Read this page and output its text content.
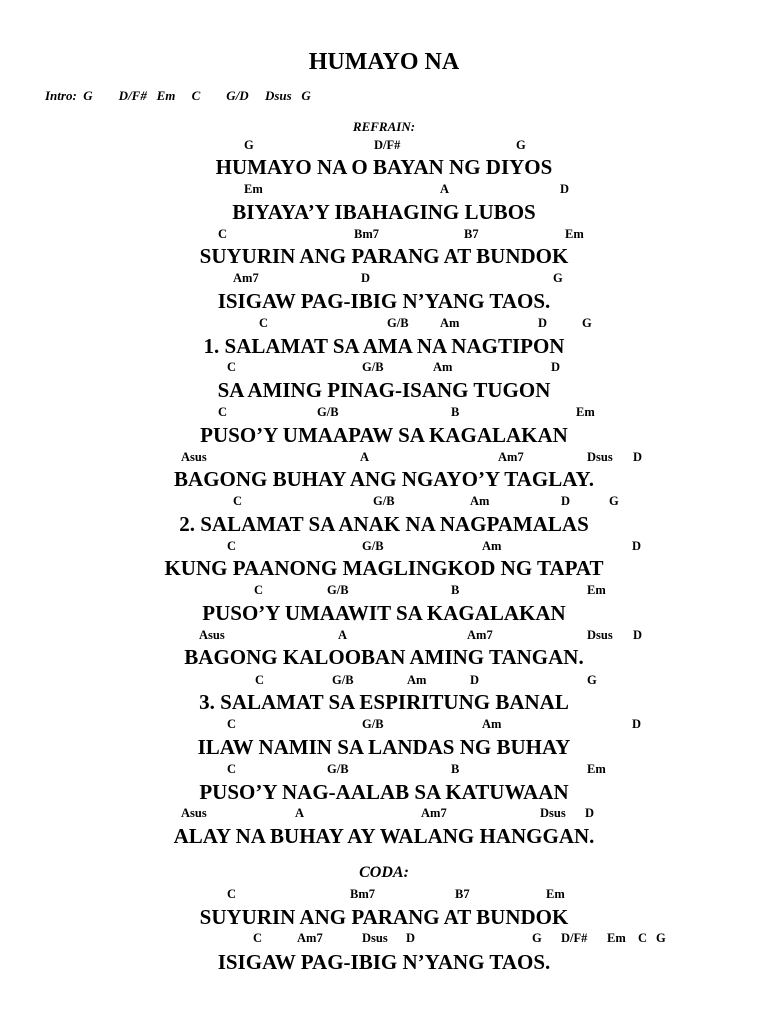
HUMAYO NA
Intro:  G        D/F#   Em     C        G/D     Dsus   G
REFRAIN:
CODA:
G	D/F#	G
HUMAYO NA O BAYAN NG DIYOS
Em	A	D
BIYAYA’Y IBAHAGING LUBOS
C	Bm7	B7	Em
SUYURIN ANG PARANG AT BUNDOK
Am7	D	G
ISIGAW PAG-IBIG N’YANG TAOS.
C	G/B	Am	D	G
1. SALAMAT SA AMA NA NAGTIPON
C	G/B	Am	D
SA AMING PINAG-ISANG TUGON
C	G/B	B	Em
PUSO’Y UMAAPAW SA KAGALAKAN
Asus	A	Am7	Dsus D
BAGONG BUHAY ANG NGAYO’Y TAGLAY.
C	G/B	Am	D	G
2. SALAMAT SA ANAK NA NAGPAMALAS
C	G/B	Am	D
KUNG PAANONG MAGLINGKOD NG TAPAT
C	G/B	B	Em
PUSO’Y UMAAWIT SA KAGALAKAN
Asus	A	Am7	Dsus D
BAGONG KALOOBAN AMING TANGAN.
C	G/B	Am	D	G
3. SALAMAT SA ESPIRITUNG BANAL
C	G/B	Am	D
ILAW NAMIN SA LANDAS NG BUHAY
C	G/B	B	Em
PUSO’Y NAG-AALAB SA KATUWAAN
Asus	A	Am7	Dsus D
ALAY NA BUHAY AY WALANG HANGGAN.
C	Bm7	B7	Em
SUYURIN ANG PARANG AT BUNDOK
C	Am7	Dsus D	G D/F# Em C G
ISIGAW PAG-IBIG N’YANG TAOS.
